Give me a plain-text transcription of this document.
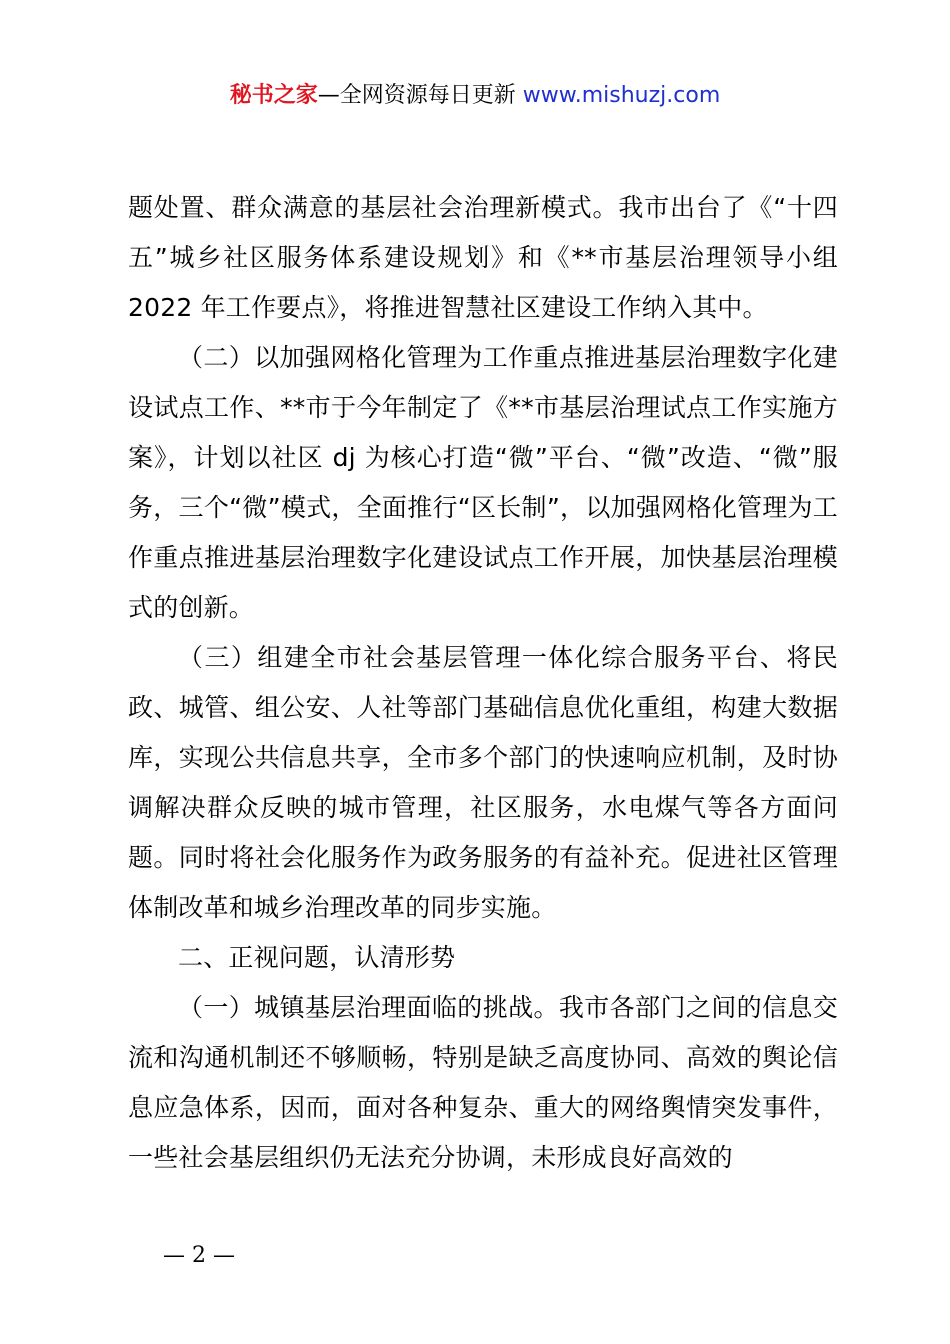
秘书之家—全网资源每日更新 www.mishuzj.com

题处置、群众满意的基层社会治理新模式。我市出台了《“十四五”城乡社区服务体系建设规划》和《**市基层治理领导小组 2022 年工作要点》，将推进智慧社区建设工作纳入其中。

（二）以加强网格化管理为工作重点推进基层治理数字化建设试点工作、**市于今年制定了《**市基层治理试点工作实施方案》，计划以社区 dj 为核心打造“微”平台、“微”改造、“微”服务，三个“微”模式，全面推行“区长制”，以加强网格化管理为工作重点推进基层治理数字化建设试点工作开展，加快基层治理模式的创新。

（三）组建全市社会基层管理一体化综合服务平台、将民政、城管、组公安、人社等部门基础信息优化重组，构建大数据库，实现公共信息共享，全市多个部门的快速响应机制，及时协调解决群众反映的城市管理，社区服务，水电煤气等各方面问题。同时将社会化服务作为政务服务的有益补充。促进社区管理体制改革和城乡治理改革的同步实施。

二、正视问题，认清形势

（一）城镇基层治理面临的挑战。我市各部门之间的信息交流和沟通机制还不够顺畅，特别是缺乏高度协同、高效的舆论信息应急体系，因而，面对各种复杂、重大的网络舆情突发事件，一些社会基层组织仍无法充分协调，未形成良好高效的

— 2 —
